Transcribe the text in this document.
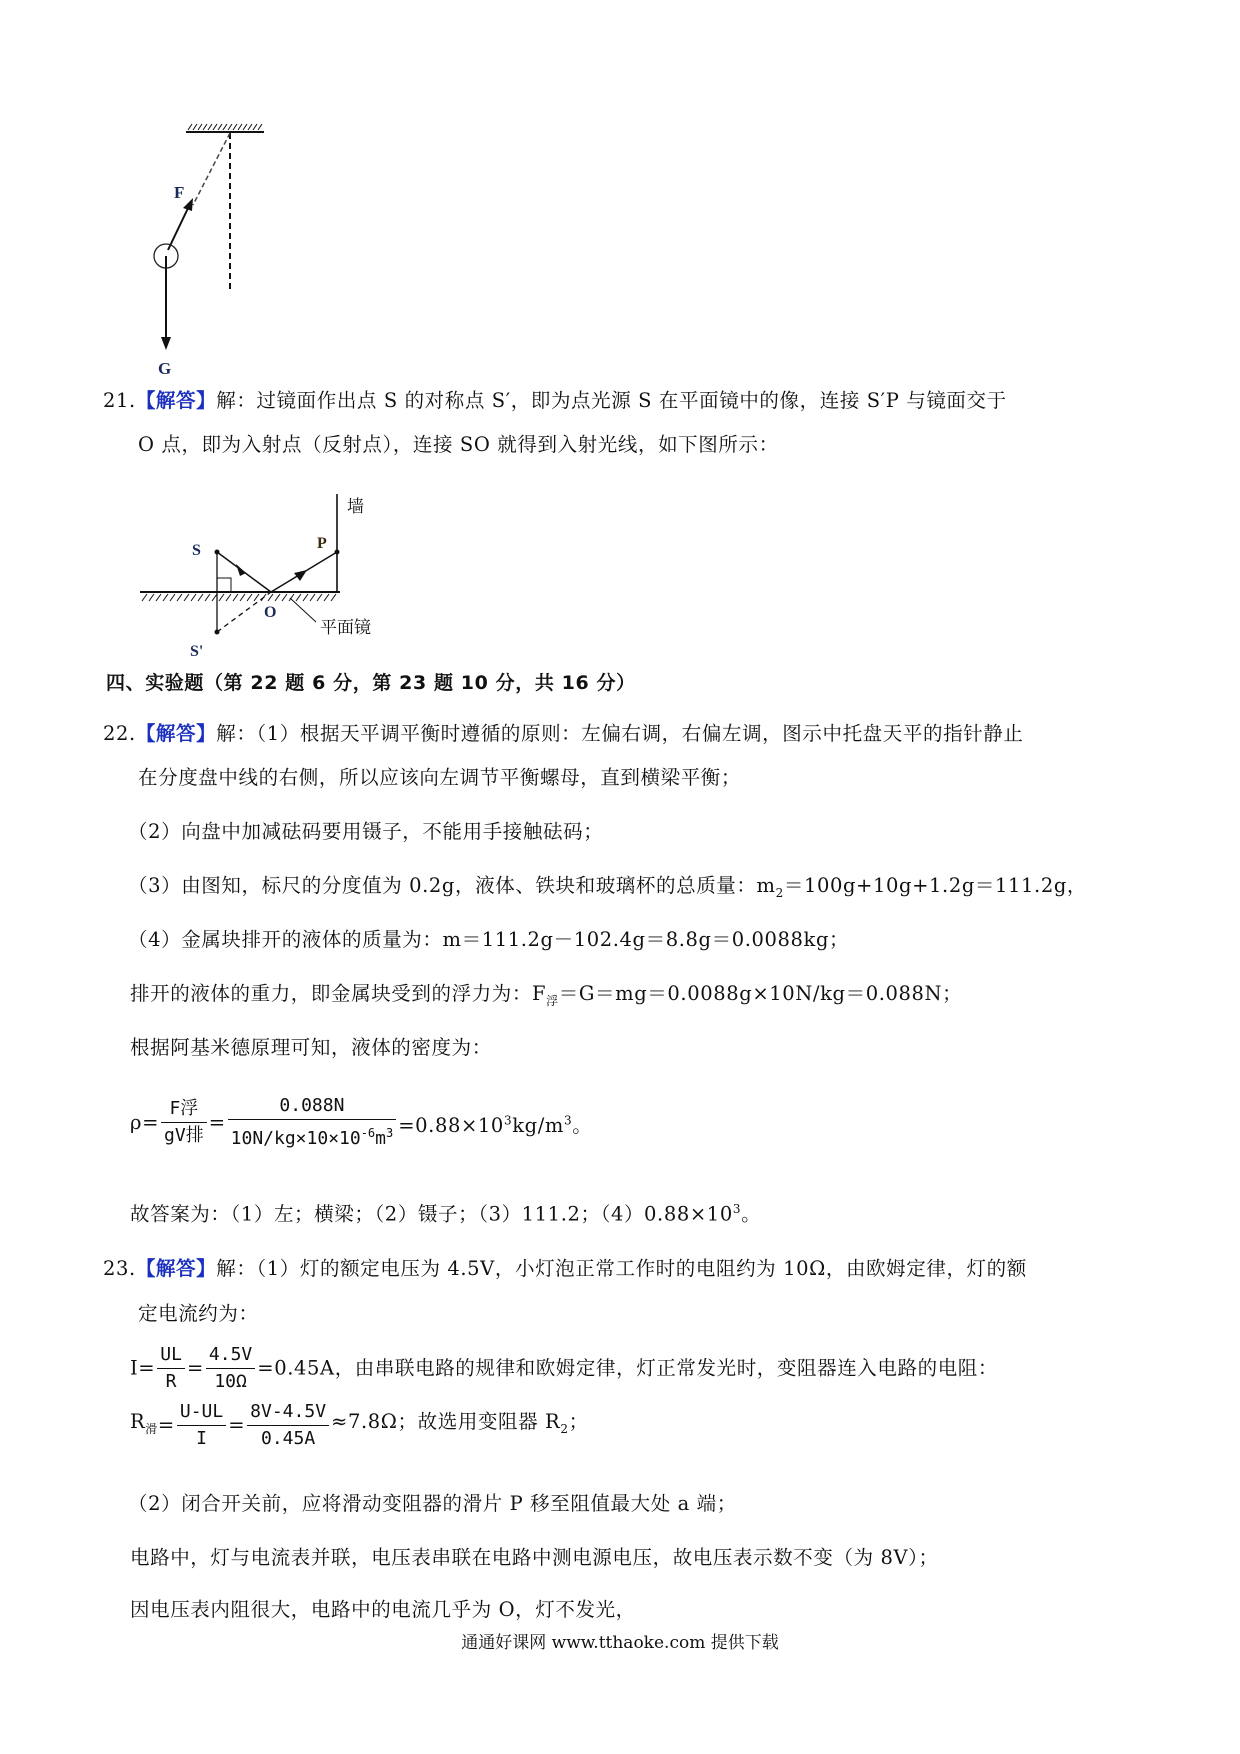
F
G
21.【解答】解：过镜面作出点 S 的对称点 S′，即为点光源 S 在平面镜中的像，连接 S′P 与镜面交于
O 点，即为入射点（反射点），连接 SO 就得到入射光线，如下图所示：
S	P
O
S'
墙
平面镜
四、实验题（第 22 题 6 分，第 23 题 10 分，共 16 分）
22.【解答】解：（1）根据天平调平衡时遵循的原则：左偏右调，右偏左调，图示中托盘天平的指针静止
在分度盘中线的右侧，所以应该向左调节平衡螺母，直到横梁平衡；
（2）向盘中加减砝码要用镊子，不能用手接触砝码；
（3）由图知，标尺的分度值为 0.2g，液体、铁块和玻璃杯的总质量：$m_2=100g+10g+1.2g=111.2g$，
（4）金属块排开的液体的质量为：m＝111.2g－102.4g＝8.8g＝0.0088kg；
排开的液体的重力，即金属块受到的浮力为：$F_浮=G=mg=0.0088g\times 10N/kg=0.088N$；
根据阿基米德原理可知，液体的密度为：
$\rho= \frac{\text{F浮}}{\text{gV排}} = \frac{0.088N}{10N/kg\times 10\times 10^{-6}m^3} =0.88\times 10^3kg/m^3$。
故答案为：（1）左；横梁；（2）镊子；（3）111.2；$(4)0.88\times 10^3$。
23.【解答】解：（1）灯的额定电压为 4.5V，小灯泡正常工作时的电阻约为 10Ω，由欧姆定律，灯的额
定电流约为：
$I= \frac{UL}{R} = \frac{4.5V}{10\Omega} =0.45A$，由串联电路的规律和欧姆定律，灯正常发光时，变阻器连入电路的电阻：
$R_滑= \frac{U-UL}{I} = \frac{8V-4.5V}{0.45A} \approx 7.8\Omega$；故选用变阻器 $R_2$；
（2）闭合开关前，应将滑动变阻器的滑片 P 移至阻值最大处 a 端；
电路中，灯与电流表并联，电压表串联在电路中测电源电压，故电压表示数不变（为 8V）；
因电压表内阻很大，电路中的电流几乎为 O，灯不发光，
通通好课网 www.tthaoke.com 提供下载
